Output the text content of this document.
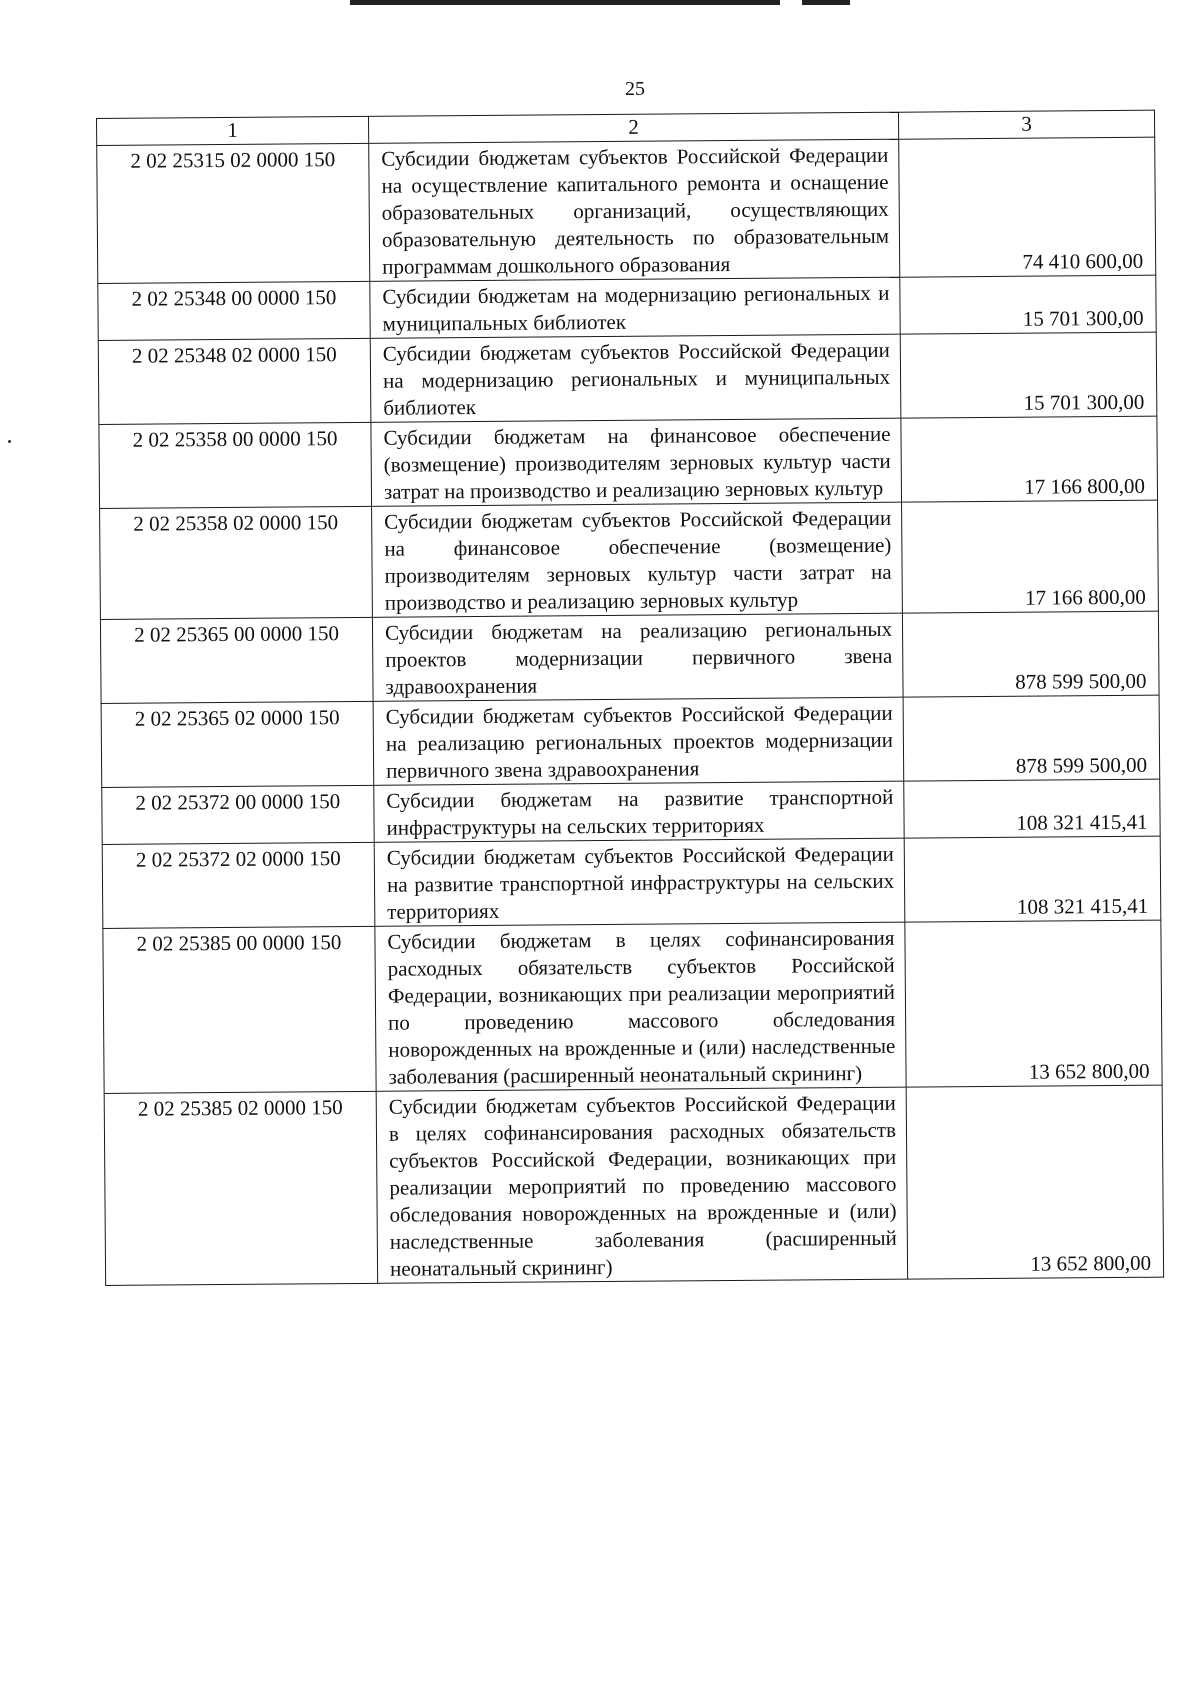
25
1	2	3
2 02 25315 02 0000 150	Субсидии бюджетам субъектов Российской Федерации на осуществление капитального ремонта и оснащение образовательных организаций, осуществляющих образовательную деятельность по образовательным программам дошкольного образования	74 410 600,00
2 02 25348 00 0000 150	Субсидии бюджетам на модернизацию региональных и муниципальных библиотек	15 701 300,00
2 02 25348 02 0000 150	Субсидии бюджетам субъектов Российской Федерации на модернизацию региональных и муниципальных библиотек	15 701 300,00
2 02 25358 00 0000 150	Субсидии бюджетам на финансовое обеспечение (возмещение) производителям зерновых культур части затрат на производство и реализацию зерновых культур	17 166 800,00
2 02 25358 02 0000 150	Субсидии бюджетам субъектов Российской Федерации на финансовое обеспечение (возмещение) производителям зерновых культур части затрат на производство и реализацию зерновых культур	17 166 800,00
2 02 25365 00 0000 150	Субсидии бюджетам на реализацию региональных проектов модернизации первичного звена здравоохранения	878 599 500,00
2 02 25365 02 0000 150	Субсидии бюджетам субъектов Российской Федерации на реализацию региональных проектов модернизации первичного звена здравоохранения	878 599 500,00
2 02 25372 00 0000 150	Субсидии бюджетам на развитие транспортной инфраструктуры на сельских территориях	108 321 415,41
2 02 25372 02 0000 150	Субсидии бюджетам субъектов Российской Федерации на развитие транспортной инфраструктуры на сельских территориях	108 321 415,41
2 02 25385 00 0000 150	Субсидии бюджетам в целях софинансирования расходных обязательств субъектов Российской Федерации, возникающих при реализации мероприятий по проведению массового обследования новорожденных на врожденные и (или) наследственные заболевания (расширенный неонатальный скрининг)	13 652 800,00
2 02 25385 02 0000 150	Субсидии бюджетам субъектов Российской Федерации в целях софинансирования расходных обязательств субъектов Российской Федерации, возникающих при реализации мероприятий по проведению массового обследования новорожденных на врожденные и (или) наследственные заболевания (расширенный неонатальный скрининг)	13 652 800,00
